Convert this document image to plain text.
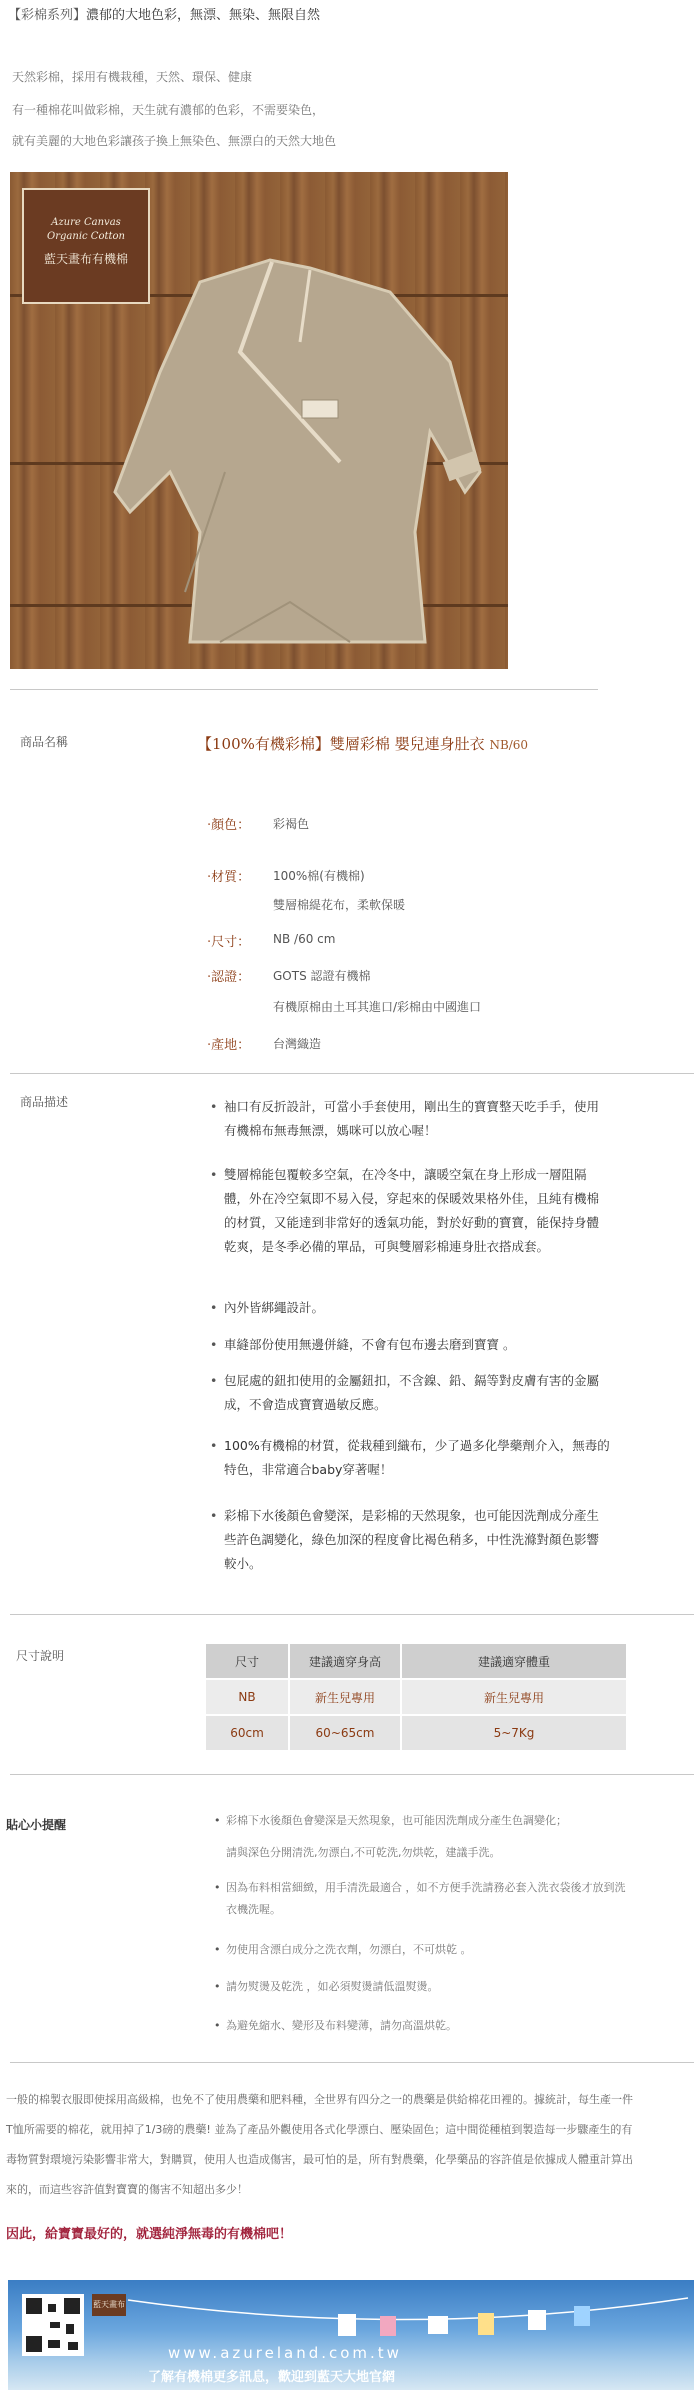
【彩棉系列】濃郁的大地色彩，無漂、無染、無限自然
天然彩棉，採用有機栽種，天然、環保、健康
有一種棉花叫做彩棉，天生就有濃郁的色彩，不需要染色，
就有美麗的大地色彩讓孩子換上無染色、無漂白的天然大地色
Azure Canvas
Organic Cotton
藍天畫布有機棉
商品名稱	【100%有機彩棉】雙層彩棉 嬰兒連身肚衣 NB/60
‧顏色： 彩褐色
‧材質： 100%棉(有機棉)
雙層棉緹花布，柔軟保暖
‧尺寸： NB /60 cm
‧認證： GOTS 認證有機棉
有機原棉由土耳其進口/彩棉由中國進口
‧產地： 台灣織造
商品描述	• 袖口有反折設計，可當小手套使用，剛出生的寶寶整天吃手手，使用
有機棉布無毒無漂，媽咪可以放心喔！
• 雙層棉能包覆較多空氣，在冷冬中，讓暖空氣在身上形成一層阻隔
體，外在冷空氣即不易入侵，穿起來的保暖效果格外佳，且純有機棉
的材質，又能達到非常好的透氣功能，對於好動的寶寶，能保持身體
乾爽，是冬季必備的單品，可與雙層彩棉連身肚衣搭成套。
• 內外皆綁繩設計。
• 車縫部份使用無邊併縫，不會有包布邊去磨到寶寶 。
• 包屁處的鈕扣使用的金屬鈕扣，不含鎳、鉛、鎘等對皮膚有害的金屬
成，不會造成寶寶過敏反應。
• 100%有機棉的材質，從栽種到織布，少了過多化學藥劑介入，無毒的
特色，非常適合baby穿著喔！
• 彩棉下水後顏色會變深，是彩棉的天然現象，也可能因洗劑成分產生
些許色調變化，綠色加深的程度會比褐色稍多，中性洗滌對顏色影響
較小。
尺寸說明	尺寸	建議適穿身高	建議適穿體重
NB	新生兒專用	新生兒專用
60cm	60~65cm	5~7Kg
貼心小提醒	• 彩棉下水後顏色會變深是天然現象，也可能因洗劑成分產生色調變化；
請與深色分開清洗,勿漂白,不可乾洗,勿烘乾，建議手洗。
• 因為布料相當細緻，用手清洗最適合 ，如不方便手洗請務必套入洗衣袋後才放到洗
衣機洗喔。
• 勿使用含漂白成分之洗衣劑，勿漂白，不可烘乾 。
• 請勿熨燙及乾洗 ，如必須熨燙請低溫熨燙。
• 為避免縮水、變形及布料變薄，請勿高溫烘乾。
一般的棉製衣服即使採用高級棉，也免不了使用農藥和肥料種，全世界有四分之一的農藥是供給棉花田裡的。據統計，每生產一件
T恤所需要的棉花，就用掉了1/3磅的農藥! 並為了產品外觀使用各式化學漂白、壓染固色；這中間從種植到製造每一步驟產生的有
毒物質對環境污染影響非常大，對購買，使用人也造成傷害，最可怕的是，所有對農藥，化學藥品的容許值是依據成人體重計算出
來的，而這些容許值對寶寶的傷害不知超出多少！
因此，給寶寶最好的，就選純淨無毒的有機棉吧！
藍天畫布
www.azureland.com.tw
了解有機棉更多訊息，歡迎到藍天大地官網
